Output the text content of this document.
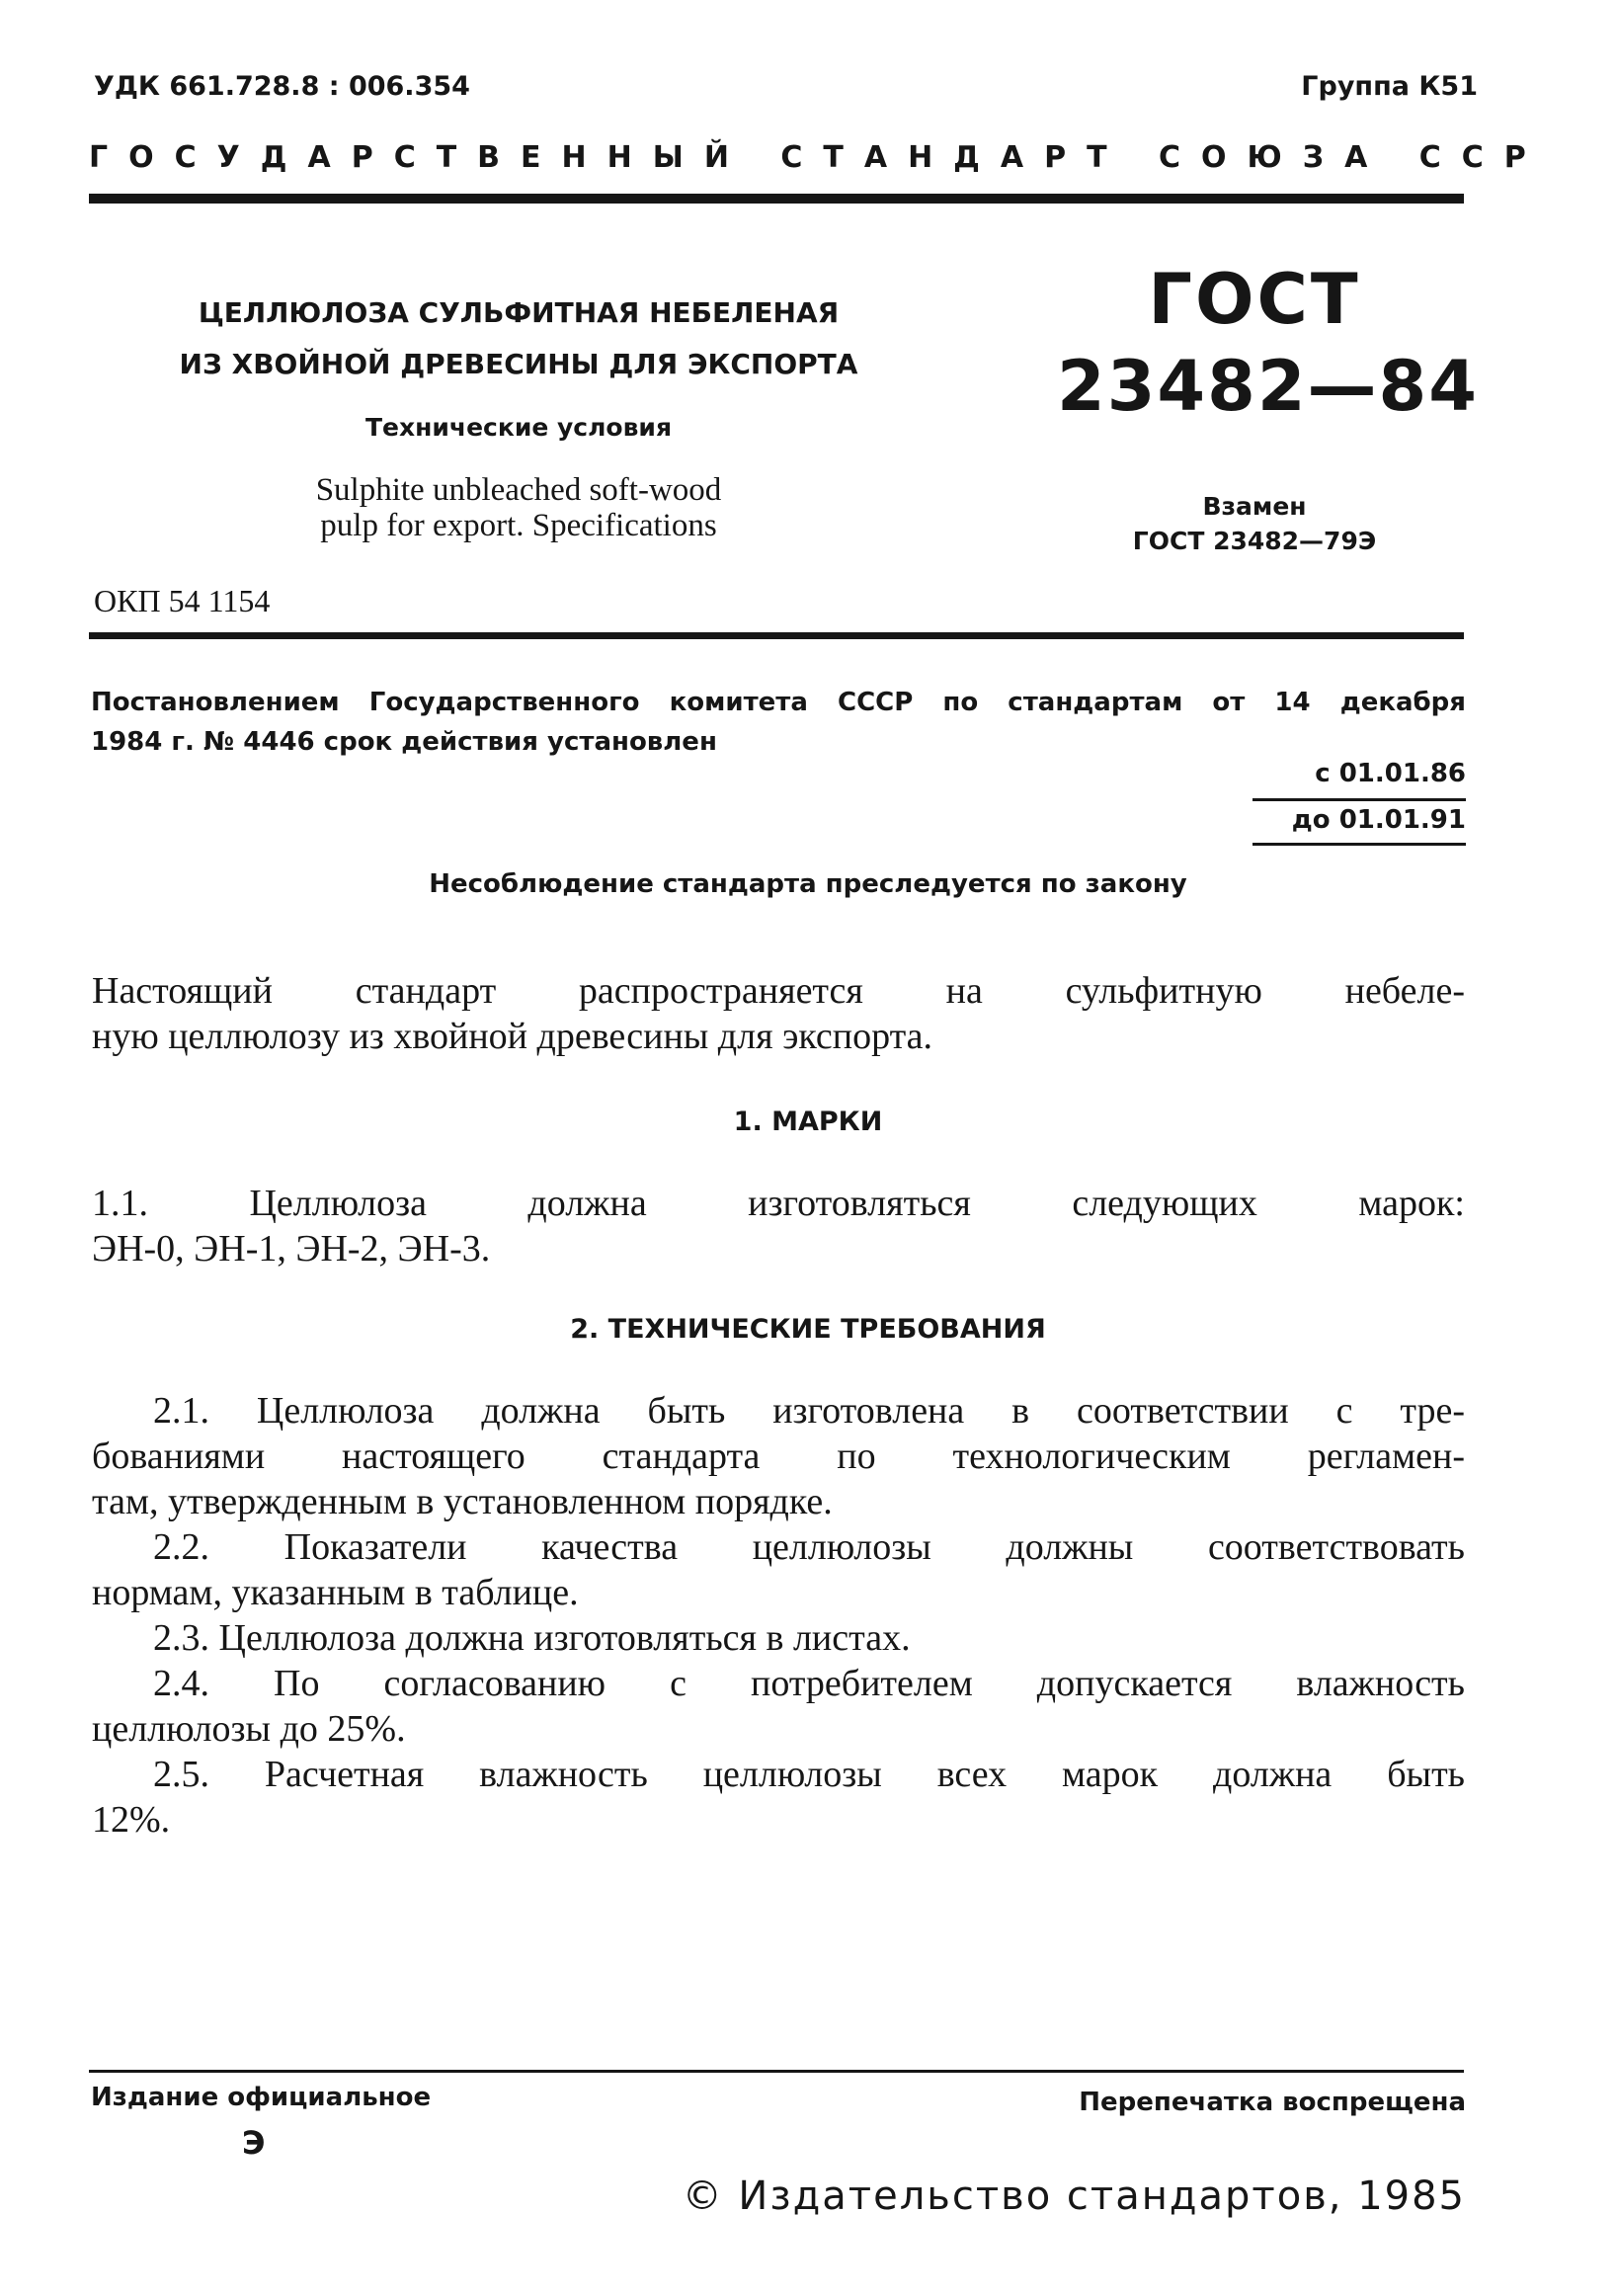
УДК 661.728.8 : 006.354	Группа К51
ГОСУДАРСТВЕННЫЙ СТАНДАРТ СОЮЗА ССР
ЦЕЛЛЮЛОЗА СУЛЬФИТНАЯ НЕБЕЛЕНАЯ
ИЗ ХВОЙНОЙ ДРЕВЕСИНЫ ДЛЯ ЭКСПОРТА
Технические условия
Sulphite unbleached soft-wood
pulp for export. Specifications
ГОСТ
23482—84
Взамен
ГОСТ 23482—79Э
ОКП 54 1154
Постановлением Государственного комитета СССР по стандартам от 14 декабря
1984 г. № 4446 срок действия установлен
с 01.01.86
до 01.01.91
Несоблюдение стандарта преследуется по закону
Настоящий стандарт распространяется на сульфитную небеле-
ную целлюлозу из хвойной древесины для экспорта.
1. МАРКИ
1.1. Целлюлоза должна изготовляться следующих марок:
ЭН-0, ЭН-1, ЭН-2, ЭН-3.
2. ТЕХНИЧЕСКИЕ ТРЕБОВАНИЯ
2.1. Целлюлоза должна быть изготовлена в соответствии с тре-
бованиями настоящего стандарта по технологическим регламен-
там, утвержденным в установленном порядке.
2.2. Показатели качества целлюлозы должны соответствовать
нормам, указанным в таблице.
2.3. Целлюлоза должна изготовляться в листах.
2.4. По согласованию с потребителем допускается влажность
целлюлозы до 25%.
2.5. Расчетная влажность целлюлозы всех марок должна быть
12%.
Издание официальное	Перепечатка воспрещена
Э
© Издательство стандартов, 1985
